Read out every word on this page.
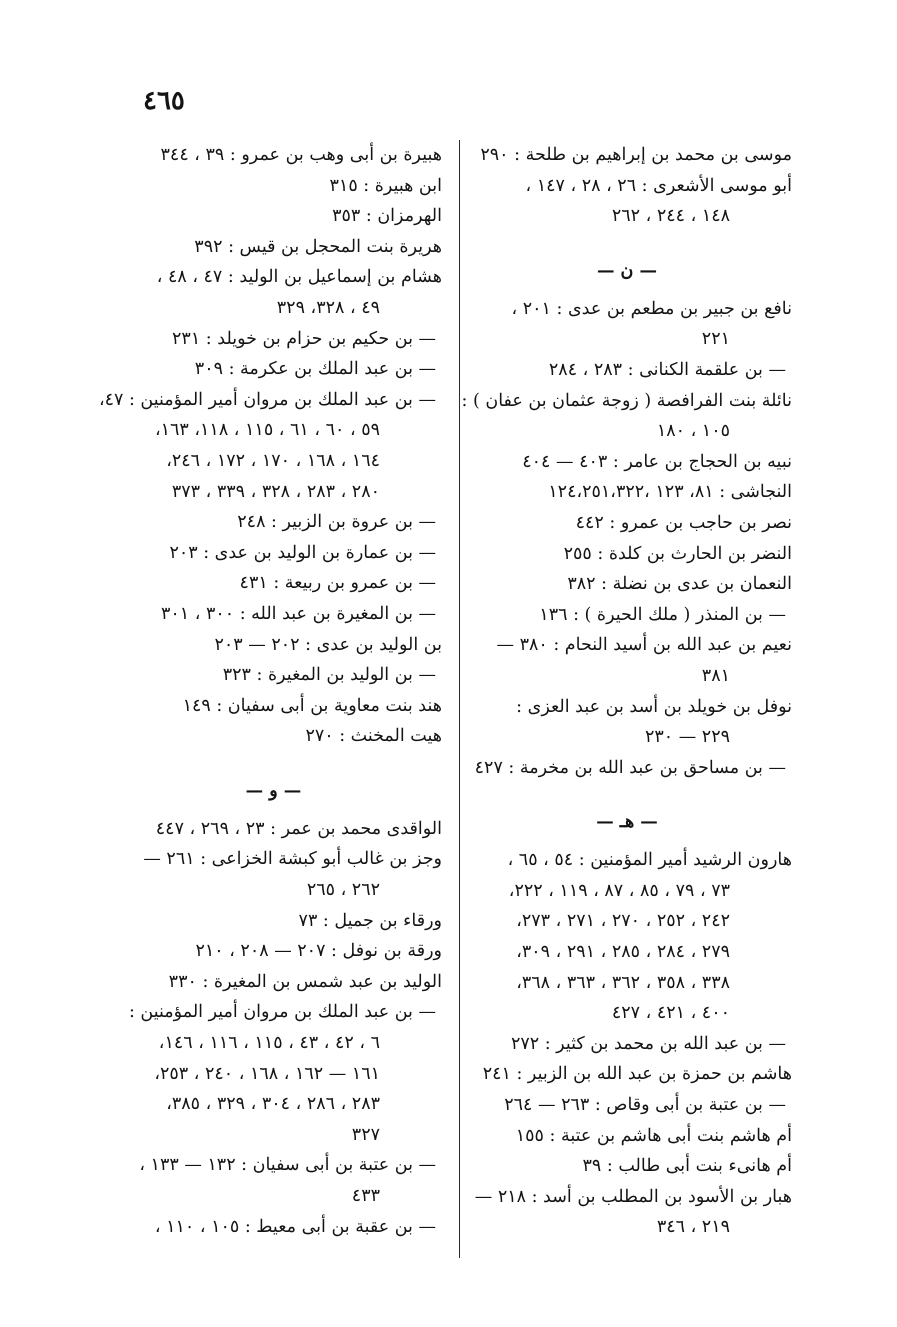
٤٦٥
موسى بن محمد بن إبراهيم بن طلحة : ٢٩٠
أبو موسى الأشعرى : ٢٦ ، ٢٨ ، ١٤٧ ،
١٤٨ ، ٢٤٤ ، ٢٦٢
— ن —
نافع بن جبير بن مطعم بن عدى : ٢٠١ ،
٢٢١
— بن علقمة الكنانى : ٢٨٣ ، ٢٨٤
نائلة بنت الفرافصة ( زوجة عثمان بن عفان ) :
١٠٥ ، ١٨٠
نبيه بن الحجاج بن عامر : ٤٠٣ — ٤٠٤
النجاشى : ٨١، ١٢٣ ،١٢٤،٢٥١،٣٢٢
نصر بن حاجب بن عمرو : ٤٤٢
النضر بن الحارث بن كلدة : ٢٥٥
النعمان بن عدى بن نضلة : ٣٨٢
— بن المنذر ( ملك الحيرة ) : ١٣٦
نعيم بن عبد الله بن أسيد النحام : ٣٨٠ —
٣٨١
نوفل بن خويلد بن أسد بن عبد العزى :
٢٢٩ — ٢٣٠
— بن مساحق بن عبد الله بن مخرمة : ٤٢٧
— هـ —
هارون الرشيد أمير المؤمنين : ٥٤ ، ٦٥ ،
٧٣ ، ٧٩ ، ٨٥ ، ٨٧ ، ١١٩ ، ٢٢٢،
٢٤٢ ، ٢٥٢ ، ٢٧٠ ، ٢٧١ ، ٢٧٣،
٢٧٩ ، ٢٨٤ ، ٢٨٥ ، ٢٩١ ، ٣٠٩،
٣٣٨ ، ٣٥٨ ، ٣٦٢ ، ٣٦٣ ، ٣٦٨،
٤٠٠ ، ٤٢١ ، ٤٢٧
— بن عبد الله بن محمد بن كثير : ٢٧٢
هاشم بن حمزة بن عبد الله بن الزبير : ٢٤١
— بن عتبة بن أبى وقاص : ٢٦٣ — ٢٦٤
أم هاشم بنت أبى هاشم بن عتبة : ١٥٥
أم هانىء بنت أبى طالب : ٣٩
هبار بن الأسود بن المطلب بن أسد : ٢١٨ —
٢١٩ ، ٣٤٦
هبيرة بن أبى وهب بن عمرو : ٣٩ ، ٣٤٤
ابن هبيرة : ٣١٥
الهرمزان : ٣٥٣
هريرة بنت المحجل بن قيس : ٣٩٢
هشام بن إسماعيل بن الوليد : ٤٧ ، ٤٨ ،
٤٩ ، ٣٢٨، ٣٢٩
— بن حكيم بن حزام بن خويلد : ٢٣١
— بن عبد الملك بن عكرمة : ٣٠٩
— بن عبد الملك بن مروان أمير المؤمنين : ٤٧،
٥٩ ، ٦٠ ، ٦١ ، ١١٥ ، ١١٨، ١٦٣،
١٦٤ ، ١٦٨ ، ١٧٠ ، ١٧٢ ، ٢٤٦،
٢٨٠ ، ٢٨٣ ، ٣٢٨ ، ٣٣٩ ، ٣٧٣
— بن عروة بن الزبير : ٢٤٨
— بن عمارة بن الوليد بن عدى : ٢٠٣
— بن عمرو بن ربيعة : ٤٣١
— بن المغيرة بن عبد الله : ٣٠٠ ، ٣٠١
بن الوليد بن عدى : ٢٠٢ — ٢٠٣
— بن الوليد بن المغيرة : ٣٢٣
هند بنت معاوية بن أبى سفيان : ١٤٩
هيت المخنث : ٢٧٠
— و —
الواقدى محمد بن عمر : ٢٣ ، ٢٦٩ ، ٤٤٧
وجز بن غالب أبو كبشة الخزاعى : ٢٦١ —
٢٦٢ ، ٢٦٥
ورقاء بن جميل : ٧٣
ورقة بن نوفل : ٢٠٧ — ٢٠٨ ، ٢١٠
الوليد بن عبد شمس بن المغيرة : ٣٣٠
— بن عبد الملك بن مروان أمير المؤمنين :
٦ ، ٤٢ ، ٤٣ ، ١١٥ ، ١١٦ ، ١٤٦،
١٦١ — ١٦٢ ، ١٦٨ ، ٢٤٠ ، ٢٥٣،
٢٨٣ ، ٢٨٦ ، ٣٠٤ ، ٣٢٩ ، ٣٨٥،
٣٢٧
— بن عتبة بن أبى سفيان : ١٣٢ — ١٣٣ ،
٤٣٣
— بن عقبة بن أبى معيط : ١٠٥ ، ١١٠ ،
